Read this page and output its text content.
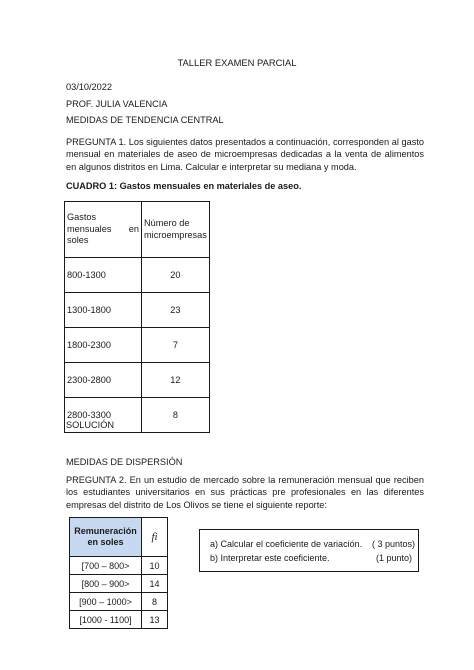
TALLER EXAMEN PARCIAL
03/10/2022
PROF. JULIA VALENCIA
MEDIDAS DE TENDENCIA CENTRAL
PREGUNTA 1. Los siguientes datos presentados a continuación, corresponden al gasto mensual en materiales de aseo de microempresas dedicadas a la venta de alimentos en algunos distritos en Lima. Calcular e interpretar su mediana y moda.
CUADRO 1: Gastos mensuales en materiales de aseo.
Gastos mensuales en soles	Número de microempresas

800-1300	20
1300-1800	23
1800-2300	7
2300-2800	12
2800-3300	8
SOLUCIÓN
MEDIDAS DE DISPERSIÓN
PREGUNTA 2. En un estudio de mercado sobre la remuneración mensual que reciben los estudiantes universitarios en sus prácticas pre profesionales en las diferentes empresas del distrito de Los Olivos se tiene el siguiente reporte:
Remuneración en soles	fi
[700 – 800>	10
[800 – 900>	14
[900 – 1000>	8
[1000 - 1100]	13
a) Calcular el coeficiente de variación. ( 3 puntos)
b) Interpretar este coeficiente.	(1 punto)
